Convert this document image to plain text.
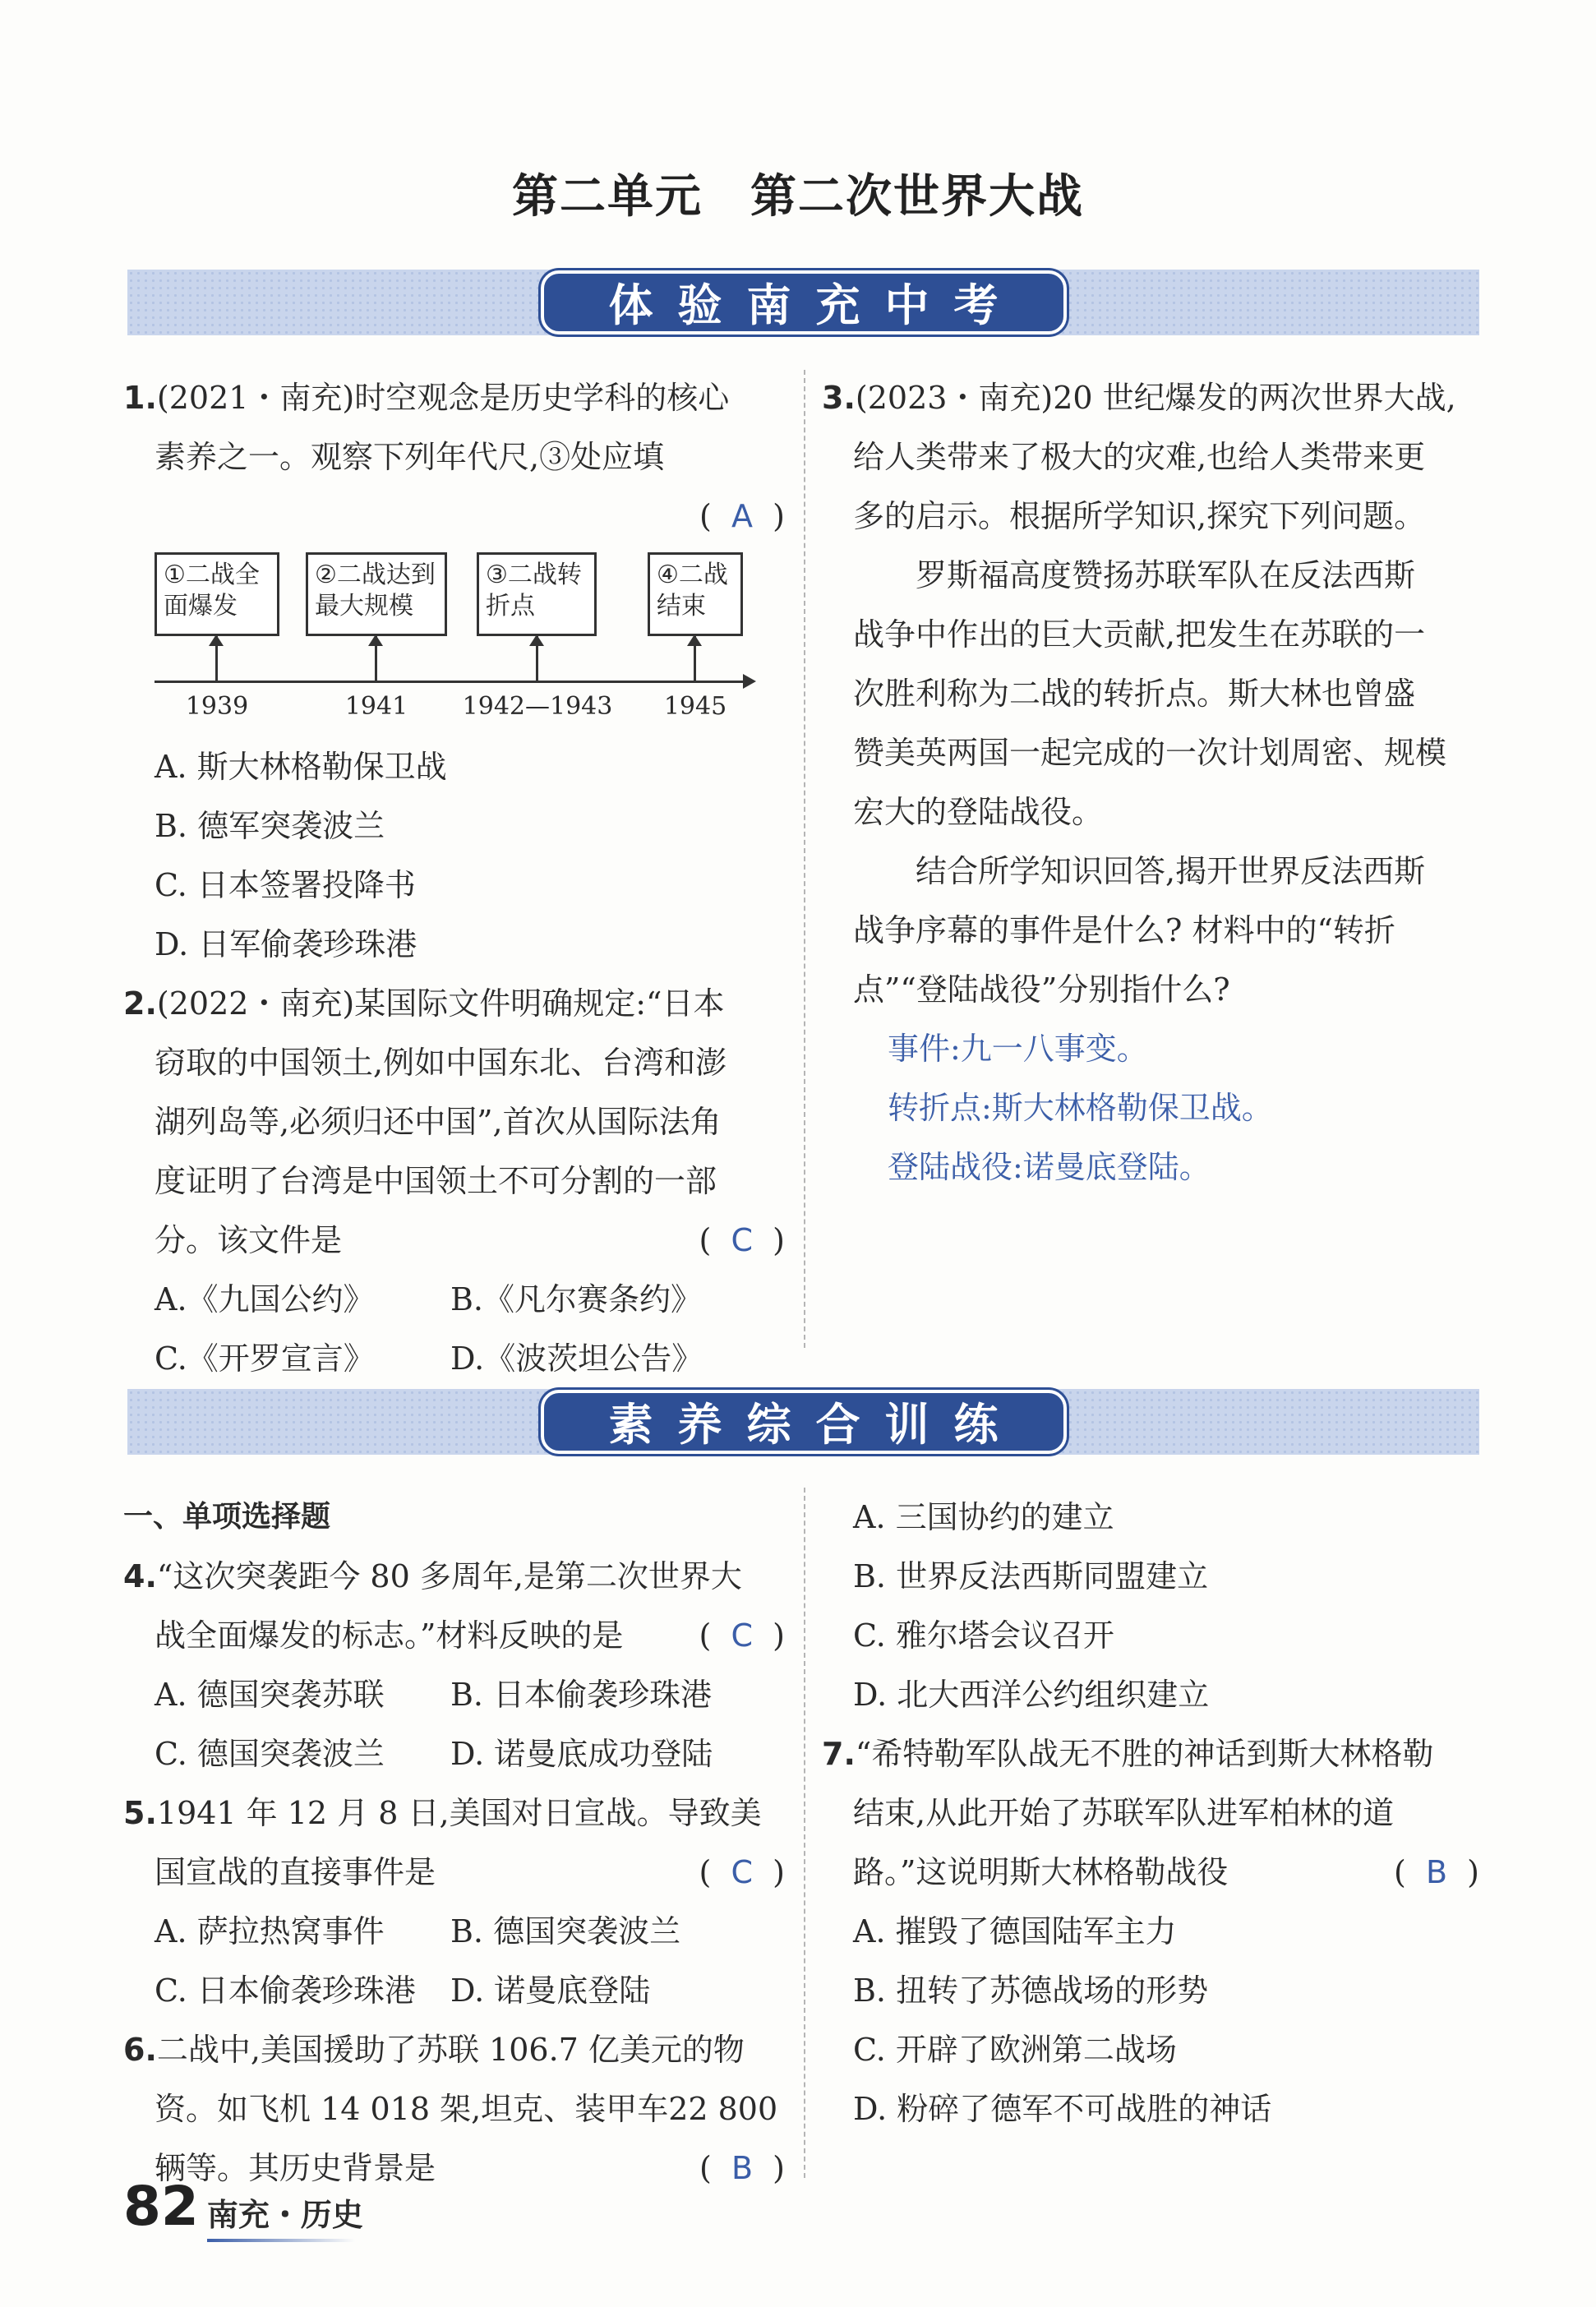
第二单元　第二次世界大战
体验南充中考
1.(2021・南充)时空观念是历史学科的核心
素养之一。观察下列年代尺,③处应填
(  A  )
①二战全
面爆发
②二战达到
最大规模
③二战转
折点
④二战
结束
1939	1941 1942—1943 1945
A. 斯大林格勒保卫战
B. 德军突袭波兰
C. 日本签署投降书
D. 日军偷袭珍珠港
2.(2022・南充)某国际文件明确规定:“日本
窃取的中国领土,例如中国东北、台湾和澎
湖列岛等,必须归还中国”,首次从国际法角
度证明了台湾是中国领土不可分割的一部
分。该文件是	(  C  )
A.《九国公约》	B.《凡尔赛条约》
C.《开罗宣言》	D.《波茨坦公告》
3.(2023・南充)20 世纪爆发的两次世界大战,
给人类带来了极大的灾难,也给人类带来更
多的启示。根据所学知识,探究下列问题。
罗斯福高度赞扬苏联军队在反法西斯
战争中作出的巨大贡献,把发生在苏联的一
次胜利称为二战的转折点。斯大林也曾盛
赞美英两国一起完成的一次计划周密、规模
宏大的登陆战役。
结合所学知识回答,揭开世界反法西斯
战争序幕的事件是什么? 材料中的“转折
点”“登陆战役”分别指什么?
事件:九一八事变。
转折点:斯大林格勒保卫战。
登陆战役:诺曼底登陆。
素养综合训练
一、单项选择题
4.“这次突袭距今 80 多周年,是第二次世界大
战全面爆发的标志。”材料反映的是 (  C  )
A. 德国突袭苏联	B. 日本偷袭珍珠港
C. 德国突袭波兰	D. 诺曼底成功登陆
5.1941 年 12 月 8 日,美国对日宣战。导致美
国宣战的直接事件是	(  C  )
A. 萨拉热窝事件	B. 德国突袭波兰
C. 日本偷袭珍珠港	D. 诺曼底登陆
6.二战中,美国援助了苏联 106.7 亿美元的物
资。如飞机 14 018 架,坦克、装甲车22 800
辆等。其历史背景是	(  B  )
A. 三国协约的建立
B. 世界反法西斯同盟建立
C. 雅尔塔会议召开
D. 北大西洋公约组织建立
7.“希特勒军队战无不胜的神话到斯大林格勒
结束,从此开始了苏联军队进军柏林的道
路。”这说明斯大林格勒战役	(  B  )
A. 摧毁了德国陆军主力
B. 扭转了苏德战场的形势
C. 开辟了欧洲第二战场
D. 粉碎了德军不可战胜的神话
82 南充・历史
